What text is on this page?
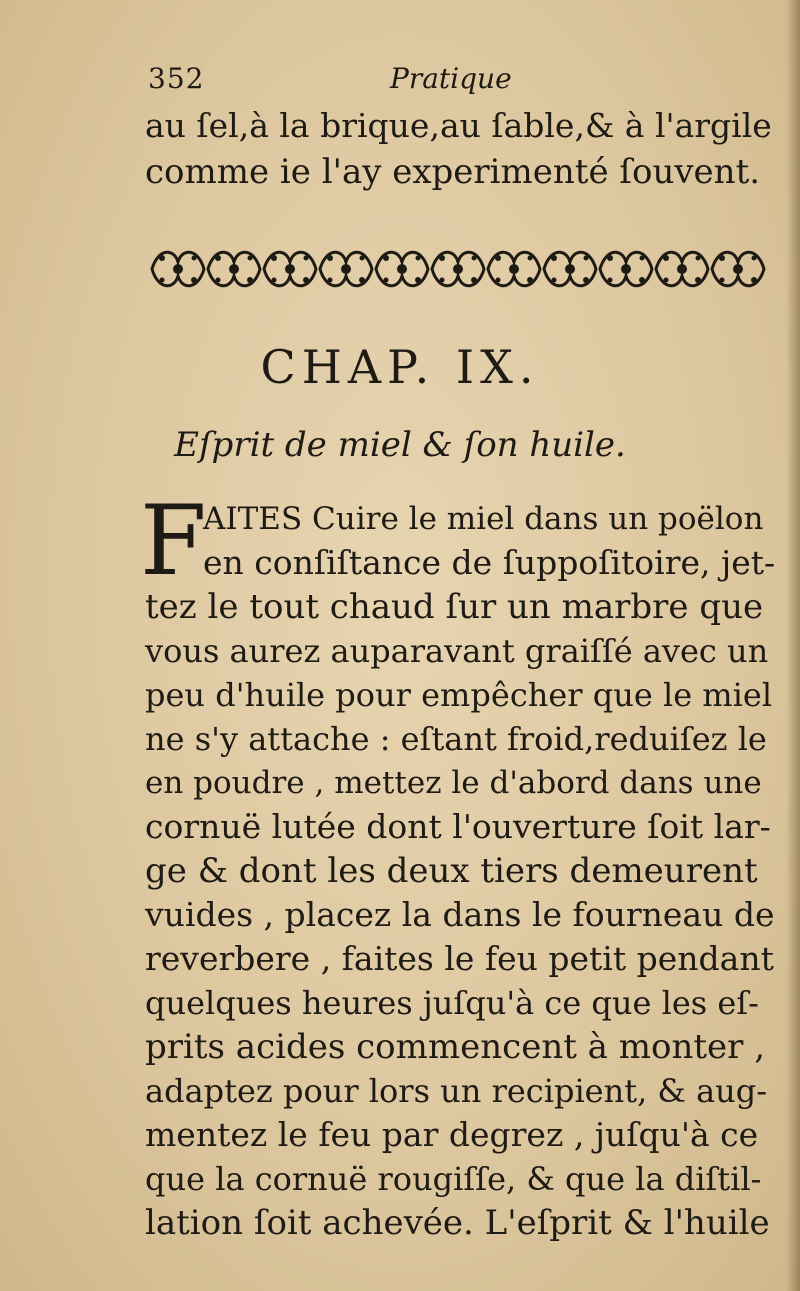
352	Pratique
au ſel,à la brique,au ſable,& à l'argile
comme ie l'ay experimenté ſouvent.
CHAP. IX.
Eſprit de miel & ſon huile.
F
AITES Cuire le miel dans un poëlon
en conſiſtance de ſuppoſitoire, jet-
tez le tout chaud ſur un marbre que
vous aurez auparavant graiſſé avec un
peu d'huile pour empêcher que le miel
ne s'y attache : eſtant froid,reduiſez le
en poudre , mettez le d'abord dans une
cornuë lutée dont l'ouverture ſoit lar-
ge & dont les deux tiers demeurent
vuides , placez la dans le fourneau de
reverbere , faites le feu petit pendant
quelques heures juſqu'à ce que les eſ-
prits acides commencent à monter ,
adaptez pour lors un recipient, & aug-
mentez le feu par degrez , juſqu'à ce
que la cornuë rougiſſe, & que la diſtil-
lation ſoit achevée. L'eſprit & l'huile
